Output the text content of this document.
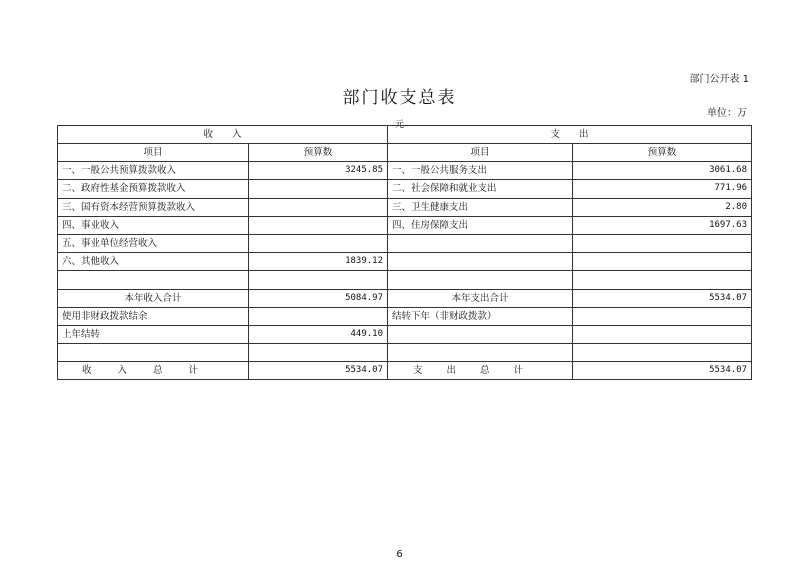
部门公开表 1
部门收支总表
单位：万
元
收　　入		支　　出	
项目	预算数	项目	预算数
一、一般公共预算拨款收入	3245.85	一、一般公共服务支出	3061.68
二、政府性基金预算拨款收入		二、社会保障和就业支出	771.96
三、国有资本经营预算拨款收入		三、卫生健康支出	2.80
四、事业收入		四、住房保障支出	1697.63
五、事业单位经营收入			
六、其他收入	1839.12		

本年收入合计	5084.97	本年支出合计	5534.07
使用非财政拨款结余		结转下年（非财政拨款）	
上年结转	449.10		

收入总计	5534.07	支出总计	5534.07
6
